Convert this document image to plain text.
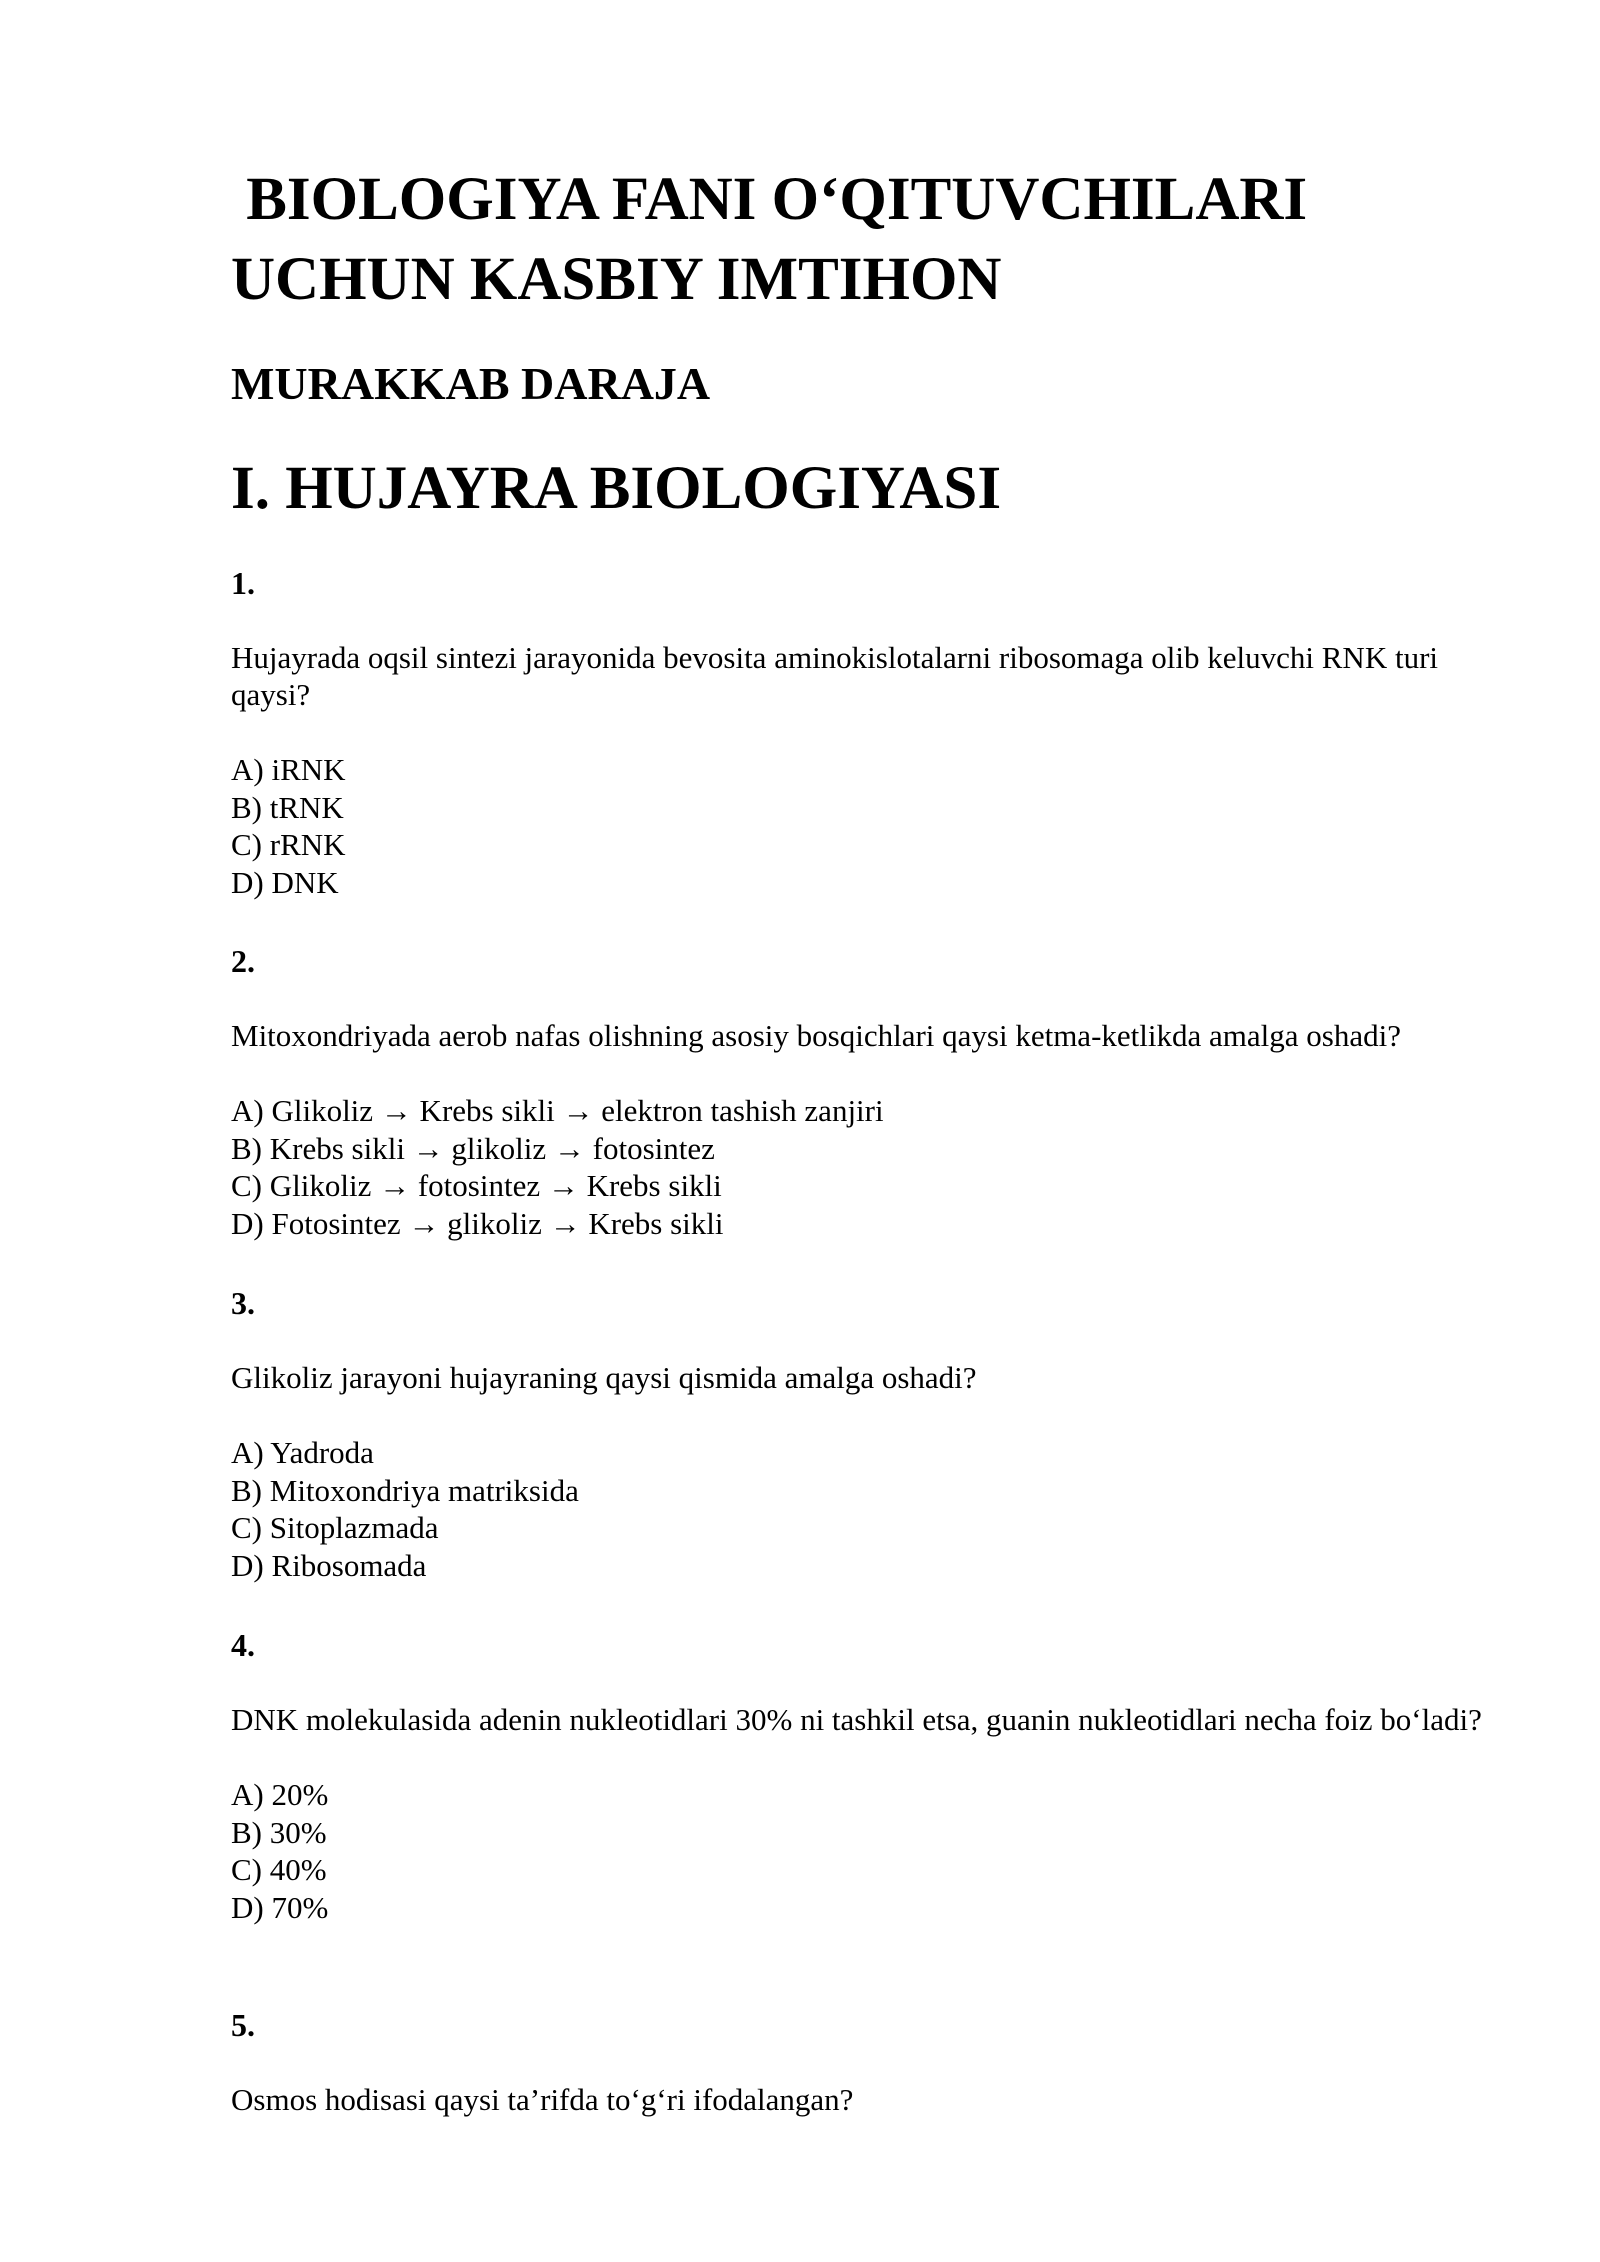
BIOLOGIYA FANI O‘QITUVCHILARI UCHUN KASBIY IMTIHON
MURAKKAB DARAJA
I. HUJAYRA BIOLOGIYASI
1.
Hujayrada oqsil sintezi jarayonida bevosita aminokislotalarni ribosomaga olib keluvchi RNK turi qaysi?
A) iRNK
B) tRNK
C) rRNK
D) DNK
2.
Mitoxondriyada aerob nafas olishning asosiy bosqichlari qaysi ketma-ketlikda amalga oshadi?
A) Glikoliz → Krebs sikli → elektron tashish zanjiri
B) Krebs sikli → glikoliz → fotosintez
C) Glikoliz → fotosintez → Krebs sikli
D) Fotosintez → glikoliz → Krebs sikli
3.
Glikoliz jarayoni hujayraning qaysi qismida amalga oshadi?
A) Yadroda
B) Mitoxondriya matriksida
C) Sitoplazmada
D) Ribosomada
4.
DNK molekulasida adenin nukleotidlari 30% ni tashkil etsa, guanin nukleotidlari necha foiz bo‘ladi?
A) 20%
B) 30%
C) 40%
D) 70%
5.
Osmos hodisasi qaysi ta’rifda to‘g‘ri ifodalangan?
